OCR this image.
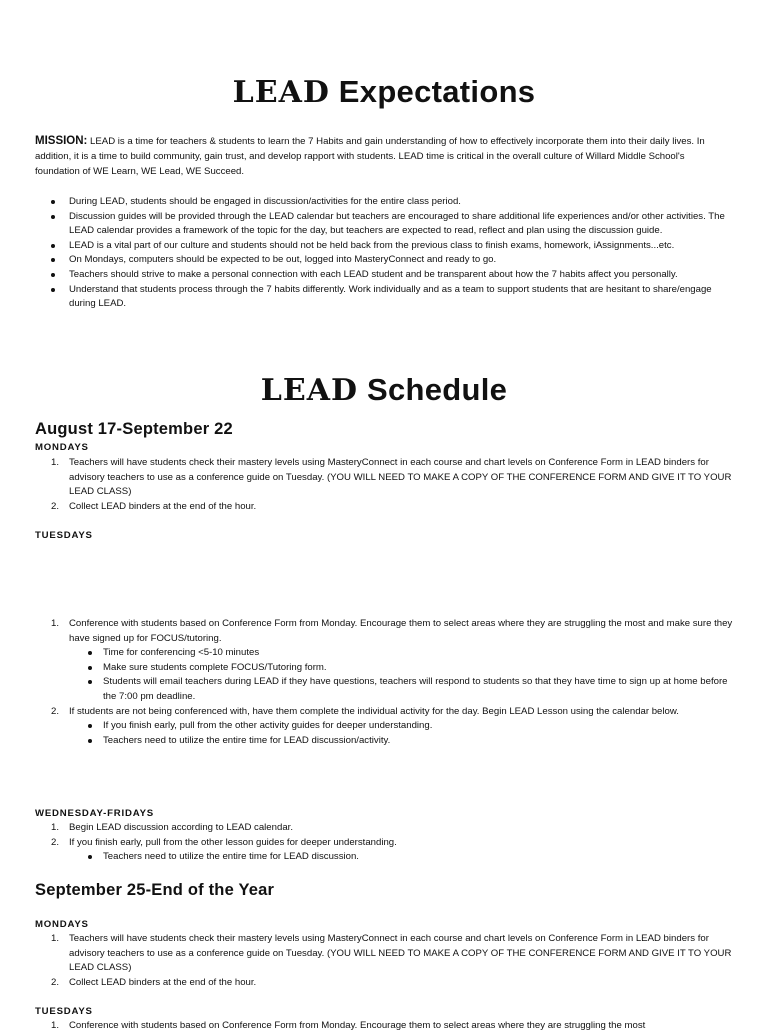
LEAD Expectations
MISSION: LEAD is a time for teachers & students to learn the 7 Habits and gain understanding of how to effectively incorporate them into their daily lives. In addition, it is a time to build community, gain trust, and develop rapport with students. LEAD time is critical in the overall culture of Willard Middle School's foundation of WE Learn, WE Lead, WE Succeed.
During LEAD, students should be engaged in discussion/activities for the entire class period.
Discussion guides will be provided through the LEAD calendar but teachers are encouraged to share additional life experiences and/or other activities. The LEAD calendar provides a framework of the topic for the day, but teachers are expected to read, reflect and plan using the discussion guide.
LEAD is a vital part of our culture and students should not be held back from the previous class to finish exams, homework, iAssignments...etc.
On Mondays, computers should be expected to be out, logged into MasteryConnect and ready to go.
Teachers should strive to make a personal connection with each LEAD student and be transparent about how the 7 habits affect you personally.
Understand that students process through the 7 habits differently. Work individually and as a team to support students that are hesitant to share/engage during LEAD.
LEAD Schedule
August 17-September 22
MONDAYS
1. Teachers will have students check their mastery levels using MasteryConnect in each course and chart levels on Conference Form in LEAD binders for advisory teachers to use as a conference guide on Tuesday. (YOU WILL NEED TO MAKE A COPY OF THE CONFERENCE FORM AND GIVE IT TO YOUR LEAD CLASS)
2. Collect LEAD binders at the end of the hour.
TUESDAYS
1. Conference with students based on Conference Form from Monday. Encourage them to select areas where they are struggling the most and make sure they have signed up for FOCUS/tutoring.
Time for conferencing <5-10 minutes
Make sure students complete FOCUS/Tutoring form.
Students will email teachers during LEAD if they have questions, teachers will respond to students so that they have time to sign up at home before the 7:00 pm deadline.
2. If students are not being conferenced with, have them complete the individual activity for the day. Begin LEAD Lesson using the calendar below.
If you finish early, pull from the other activity guides for deeper understanding.
Teachers need to utilize the entire time for LEAD discussion/activity.
WEDNESDAY-FRIDAYS
1. Begin LEAD discussion according to LEAD calendar.
2. If you finish early, pull from the other lesson guides for deeper understanding.
Teachers need to utilize the entire time for LEAD discussion.
September 25-End of the Year
MONDAYS
1. Teachers will have students check their mastery levels using MasteryConnect in each course and chart levels on Conference Form in LEAD binders for advisory teachers to use as a conference guide on Tuesday. (YOU WILL NEED TO MAKE A COPY OF THE CONFERENCE FORM AND GIVE IT TO YOUR LEAD CLASS)
2. Collect LEAD binders at the end of the hour.
TUESDAYS
1. Conference with students based on Conference Form from Monday. Encourage them to select areas where they are struggling the most
